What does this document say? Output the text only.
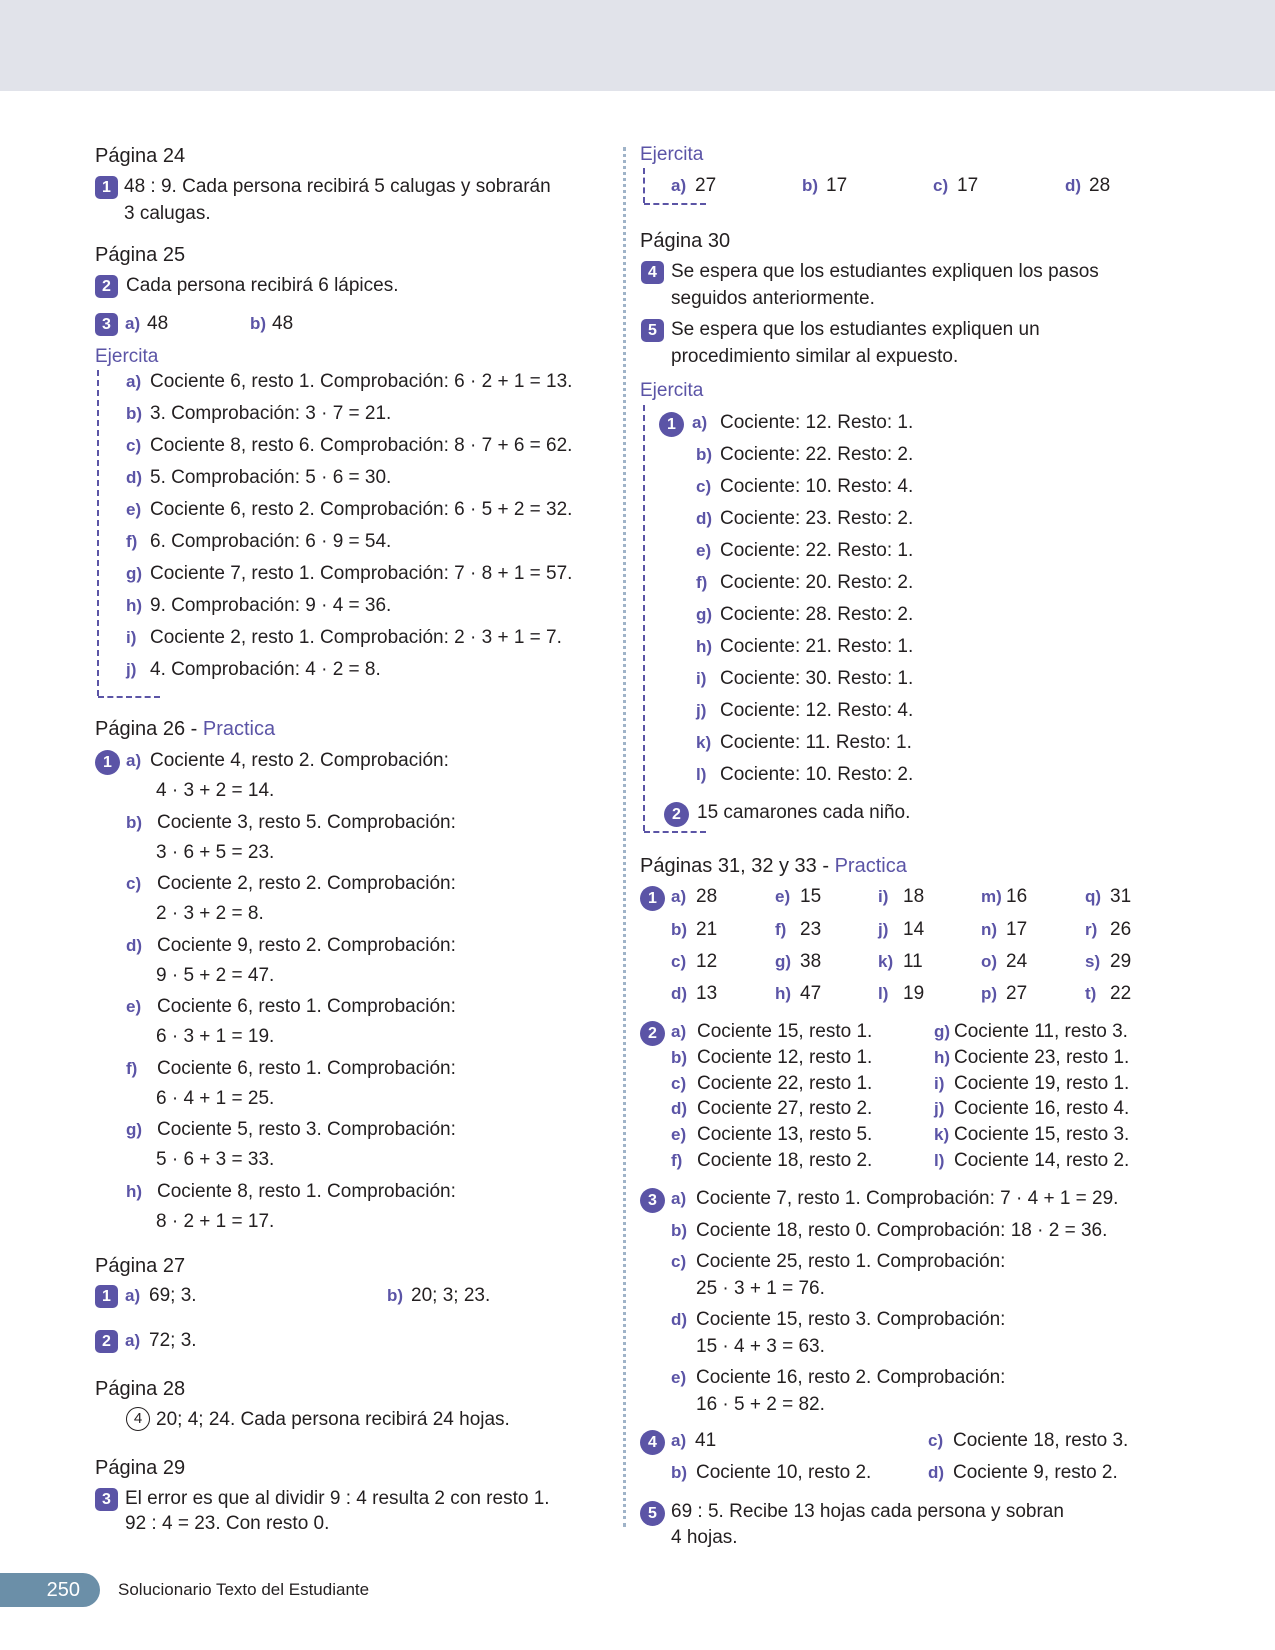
Página 24
1 48 : 9. Cada persona recibirá 5 calugas y sobrarán
3 calugas.
Página 25
2 Cada persona recibirá 6 lápices.
3 a) 48	b) 48
Ejercita
a) Cociente 6, resto 1. Comprobación: 6 · 2 + 1 = 13.
b) 3. Comprobación: 3 · 7 = 21.
c) Cociente 8, resto 6. Comprobación: 8 · 7 + 6 = 62.
d) 5. Comprobación: 5 · 6 = 30.
e) Cociente 6, resto 2. Comprobación: 6 · 5 + 2 = 32.
f) 6. Comprobación: 6 · 9 = 54.
g) Cociente 7, resto 1. Comprobación: 7 · 8 + 1 = 57.
h) 9. Comprobación: 9 · 4 = 36.
i) Cociente 2, resto 1. Comprobación: 2 · 3 + 1 = 7.
j) 4. Comprobación: 4 · 2 = 8.
Página 26 - Practica
1 a) Cociente 4, resto 2. Comprobación:
4 · 3 + 2 = 14.
b) Cociente 3, resto 5. Comprobación:
3 · 6 + 5 = 23.
c) Cociente 2, resto 2. Comprobación:
2 · 3 + 2 = 8.
d) Cociente 9, resto 2. Comprobación:
9 · 5 + 2 = 47.
e) Cociente 6, resto 1. Comprobación:
6 · 3 + 1 = 19.
f) Cociente 6, resto 1. Comprobación:
6 · 4 + 1 = 25.
g) Cociente 5, resto 3. Comprobación:
5 · 6 + 3 = 33.
h) Cociente 8, resto 1. Comprobación:
8 · 2 + 1 = 17.
Página 27
1 a) 69; 3.	b) 20; 3; 23.
2 a) 72; 3.
Página 28
4 20; 4; 24. Cada persona recibirá 24 hojas.
Página 29
3 El error es que al dividir 9 : 4 resulta 2 con resto 1.
92 : 4 = 23. Con resto 0.
Ejercita
a) 27	b) 17	c) 17	d) 28
Página 30
4 Se espera que los estudiantes expliquen los pasos
seguidos anteriormente.
5 Se espera que los estudiantes expliquen un
procedimiento similar al expuesto.
Ejercita
1 a) Cociente: 12. Resto: 1.
b) Cociente: 22. Resto: 2.
c) Cociente: 10. Resto: 4.
d) Cociente: 23. Resto: 2.
e) Cociente: 22. Resto: 1.
f) Cociente: 20. Resto: 2.
g) Cociente: 28. Resto: 2.
h) Cociente: 21. Resto: 1.
i) Cociente: 30. Resto: 1.
j) Cociente: 12. Resto: 4.
k) Cociente: 11. Resto: 1.
l) Cociente: 10. Resto: 2.
2 15 camarones cada niño.
Páginas 31, 32 y 33 - Practica
1 a) 28	e) 15	i) 18	m) 16	q) 31
b) 21	f) 23	j) 14	n) 17	r) 26
c) 12	g) 38	k) 11	o) 24	s) 29
d) 13	h) 47	l) 19	p) 27	t) 22
2 a) Cociente 15, resto 1.	g) Cociente 11, resto 3.
b) Cociente 12, resto 1.	h) Cociente 23, resto 1.
c) Cociente 22, resto 1.	i) Cociente 19, resto 1.
d) Cociente 27, resto 2.	j) Cociente 16, resto 4.
e) Cociente 13, resto 5.	k) Cociente 15, resto 3.
f) Cociente 18, resto 2.	l) Cociente 14, resto 2.
3 a) Cociente 7, resto 1. Comprobación: 7 · 4 + 1 = 29.
b) Cociente 18, resto 0. Comprobación: 18 · 2 = 36.
c) Cociente 25, resto 1. Comprobación:
25 · 3 + 1 = 76.
d) Cociente 15, resto 3. Comprobación:
15 · 4 + 3 = 63.
e) Cociente 16, resto 2. Comprobación:
16 · 5 + 2 = 82.
4 a) 41
b) Cociente 10, resto 2.
c) Cociente 18, resto 3.
d) Cociente 9, resto 2.
5 69 : 5. Recibe 13 hojas cada persona y sobran
4 hojas.
250	Solucionario Texto del Estudiante
